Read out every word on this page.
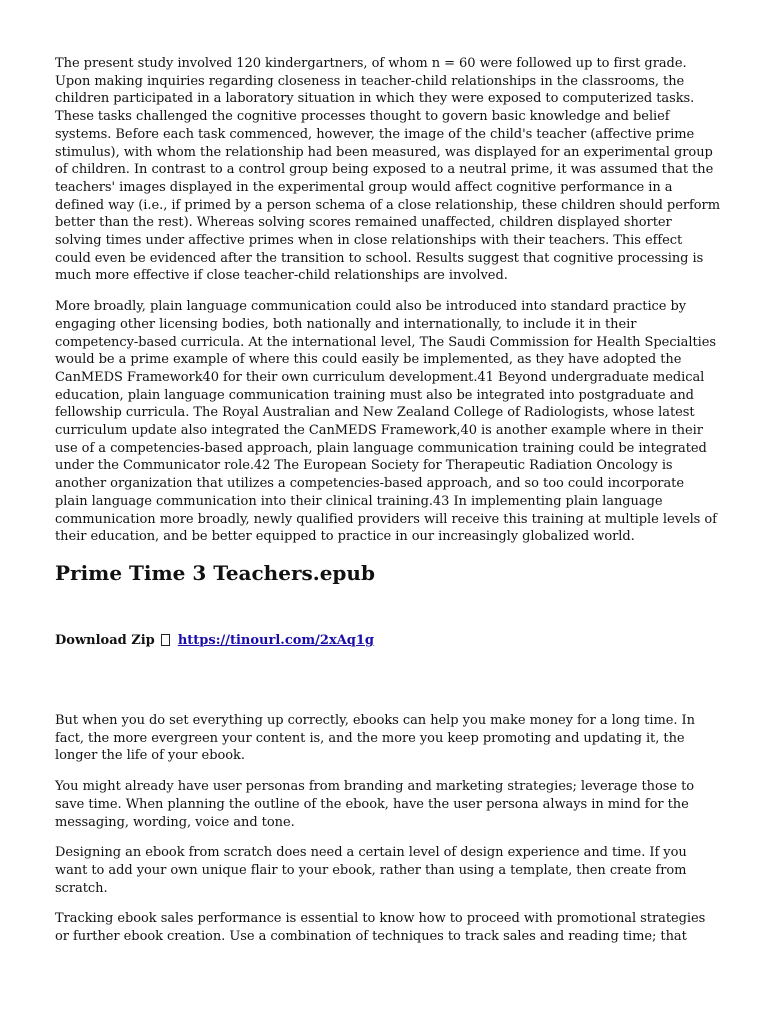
The present study involved 120 kindergartners, of whom n = 60 were followed up to first grade. Upon making inquiries regarding closeness in teacher-child relationships in the classrooms, the children participated in a laboratory situation in which they were exposed to computerized tasks. These tasks challenged the cognitive processes thought to govern basic knowledge and belief systems. Before each task commenced, however, the image of the child's teacher (affective prime stimulus), with whom the relationship had been measured, was displayed for an experimental group of children. In contrast to a control group being exposed to a neutral prime, it was assumed that the teachers' images displayed in the experimental group would affect cognitive performance in a defined way (i.e., if primed by a person schema of a close relationship, these children should perform better than the rest). Whereas solving scores remained unaffected, children displayed shorter solving times under affective primes when in close relationships with their teachers. This effect could even be evidenced after the transition to school. Results suggest that cognitive processing is much more effective if close teacher-child relationships are involved.

More broadly, plain language communication could also be introduced into standard practice by engaging other licensing bodies, both nationally and internationally, to include it in their competency-based curricula. At the international level, The Saudi Commission for Health Specialties would be a prime example of where this could easily be implemented, as they have adopted the CanMEDS Framework40 for their own curriculum development.41 Beyond undergraduate medical education, plain language communication training must also be integrated into postgraduate and fellowship curricula. The Royal Australian and New Zealand College of Radiologists, whose latest curriculum update also integrated the CanMEDS Framework,40 is another example where in their use of a competencies-based approach, plain language communication training could be integrated under the Communicator role.42 The European Society for Therapeutic Radiation Oncology is another organization that utilizes a competencies-based approach, and so too could incorporate plain language communication into their clinical training.43 In implementing plain language communication more broadly, newly qualified providers will receive this training at multiple levels of their education, and be better equipped to practice in our increasingly globalized world.

Prime Time 3 Teachers.epub
Download Zip https://tinourl.com/2xAq1g

But when you do set everything up correctly, ebooks can help you make money for a long time. In fact, the more evergreen your content is, and the more you keep promoting and updating it, the longer the life of your ebook.

You might already have user personas from branding and marketing strategies; leverage those to save time. When planning the outline of the ebook, have the user persona always in mind for the messaging, wording, voice and tone.

Designing an ebook from scratch does need a certain level of design experience and time. If you want to add your own unique flair to your ebook, rather than using a template, then create from scratch.

Tracking ebook sales performance is essential to know how to proceed with promotional strategies or further ebook creation. Use a combination of techniques to track sales and reading time; that
